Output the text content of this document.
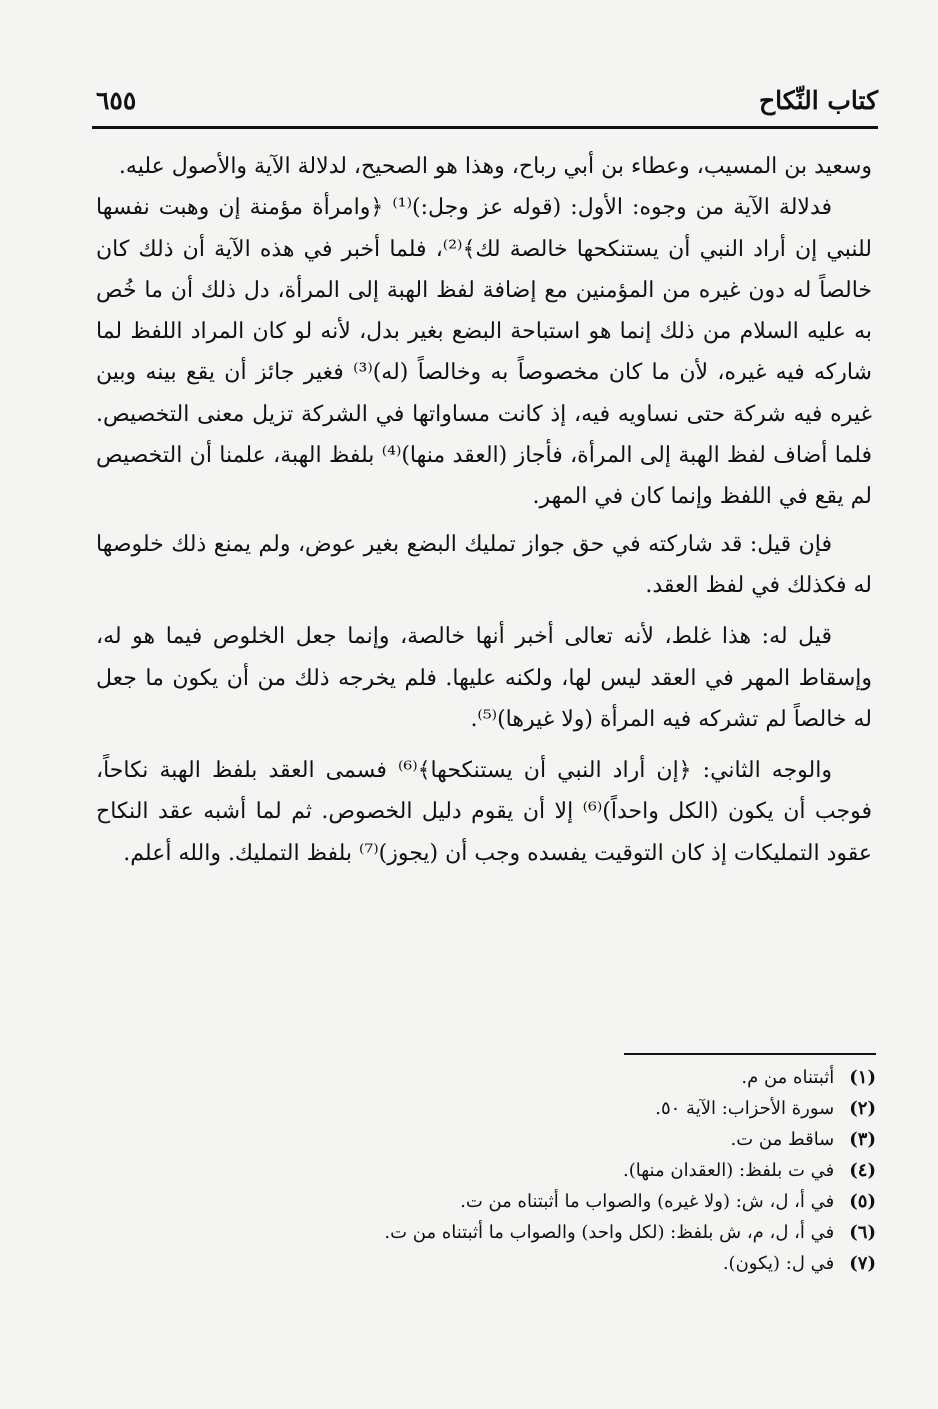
كتاب النِّكاح
٦٥٥

وسعيد بن المسيب، وعطاء بن أبي رباح، وهذا هو الصحيح، لدلالة الآية والأصول عليه.

فدلالة الآية من وجوه: الأول: (قوله عز وجل:)⁽¹⁾ ﴿وامرأة مؤمنة إن وهبت نفسها للنبي إن أراد النبي أن يستنكحها خالصة لك﴾⁽²⁾، فلما أخبر في هذه الآية أن ذلك كان خالصاً له دون غيره من المؤمنين مع إضافة لفظ الهبة إلى المرأة، دل ذلك أن ما خُص به عليه السلام من ذلك إنما هو استباحة البضع بغير بدل، لأنه لو كان المراد اللفظ لما شاركه فيه غيره، لأن ما كان مخصوصاً به وخالصاً (له)⁽³⁾ فغير جائز أن يقع بينه وبين غيره فيه شركة حتى نساويه فيه، إذ كانت مساواتها في الشركة تزيل معنى التخصيص. فلما أضاف لفظ الهبة إلى المرأة، فأجاز (العقد منها)⁽⁴⁾ بلفظ الهبة، علمنا أن التخصيص لم يقع في اللفظ وإنما كان في المهر.

فإن قيل: قد شاركته في حق جواز تمليك البضع بغير عوض، ولم يمنع ذلك خلوصها له فكذلك في لفظ العقد.

قيل له: هذا غلط، لأنه تعالى أخبر أنها خالصة، وإنما جعل الخلوص فيما هو له، وإسقاط المهر في العقد ليس لها، ولكنه عليها. فلم يخرجه ذلك من أن يكون ما جعل له خالصاً لم تشركه فيه المرأة (ولا غيرها)⁽⁵⁾.

والوجه الثاني: ﴿إن أراد النبي أن يستنكحها﴾⁽⁶⁾ فسمى العقد بلفظ الهبة نكاحاً، فوجب أن يكون (الكل واحداً)⁽⁶⁾ إلا أن يقوم دليل الخصوص. ثم لما أشبه عقد النكاح عقود التمليكات إذ كان التوقيت يفسده وجب أن (يجوز)⁽⁷⁾ بلفظ التمليك. والله أعلم.

(١) أثبتناه من م.
(٢) سورة الأحزاب: الآية ٥٠.
(٣) ساقط من ت.
(٤) في ت بلفظ: (العقدان منها).
(٥) في أ، ل، ش: (ولا غيره) والصواب ما أثبتناه من ت.
(٦) في أ، ل، م، ش بلفظ: (لكل واحد) والصواب ما أثبتناه من ت.
(٧) في ل: (يكون).
